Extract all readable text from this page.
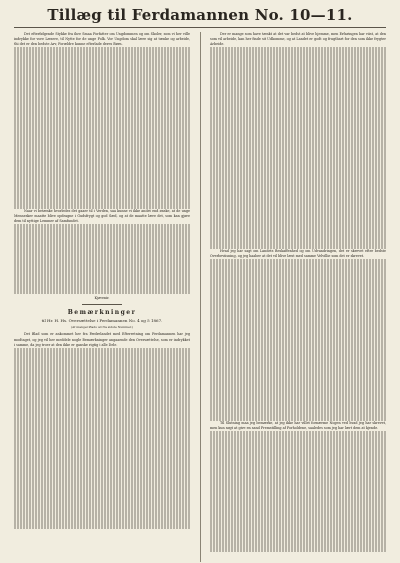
Tillæg til Ferdamannen No. 10—11.

Det efterfølgende Stykke fra ihre Smaa Forfatter om Ungdommen og om Skoler, som vi her ville indrykke for vore Læsere, til Nytte for de unge Folk. Vor Ungdom skal lære sig at tænke og arbeide, thi det er den bedste Arv, Forældre kunne efterlade deres Børn.

Naar vi betænke hvorledes det gaaer til i Verden, saa kunne vi ikke andet end ønske, at de unge Mennesker maatte blive opdragne i Gudsfrygt og god Sæd, og at de maatte lære det, som kan gjøre dem til nyttige Lemmer af Samfundet.

Kjøvenir.

Bemærkninger

til Hr. H. Hs. Oversættelse i Ferdamannen No. 4 og 5 1867.

(Af mangel Plads ud fra sidste Nummer.)

Det Blad som er ankommet her fra Fædrelandet med Efterretning om Ferdamannen har jeg modtaget, og jeg vil her meddele nogle Bemærkninger angaaende den Oversættelse, som er indrykket i samme, da jeg troer at den ikke er ganske rigtig i alle Dele.

Der er mange som have tænkt at det var bedst at blive hjemme, men Erfaringen har viist, at den som vil arbeide, kan her finde sit Udkomme, og at Landet er godt og frugtbart for den som ikke frygter Arbeide.

Hvad jeg har sagt om Landets Beskaffenhed og om Udvandringen, det er skrevet efter bedste Overbeviisning, og jeg haaber at det vil blive læst med samme Velvillie som det er skrevet.

Til Slutning maa jeg bemærke, at jeg ikke har villet fornærme Nogen ved hvad jeg har skrevet, men kun søgt at give en sand Fremstilling af Forholdene, saaledes som jeg har lært dem at kjende.
